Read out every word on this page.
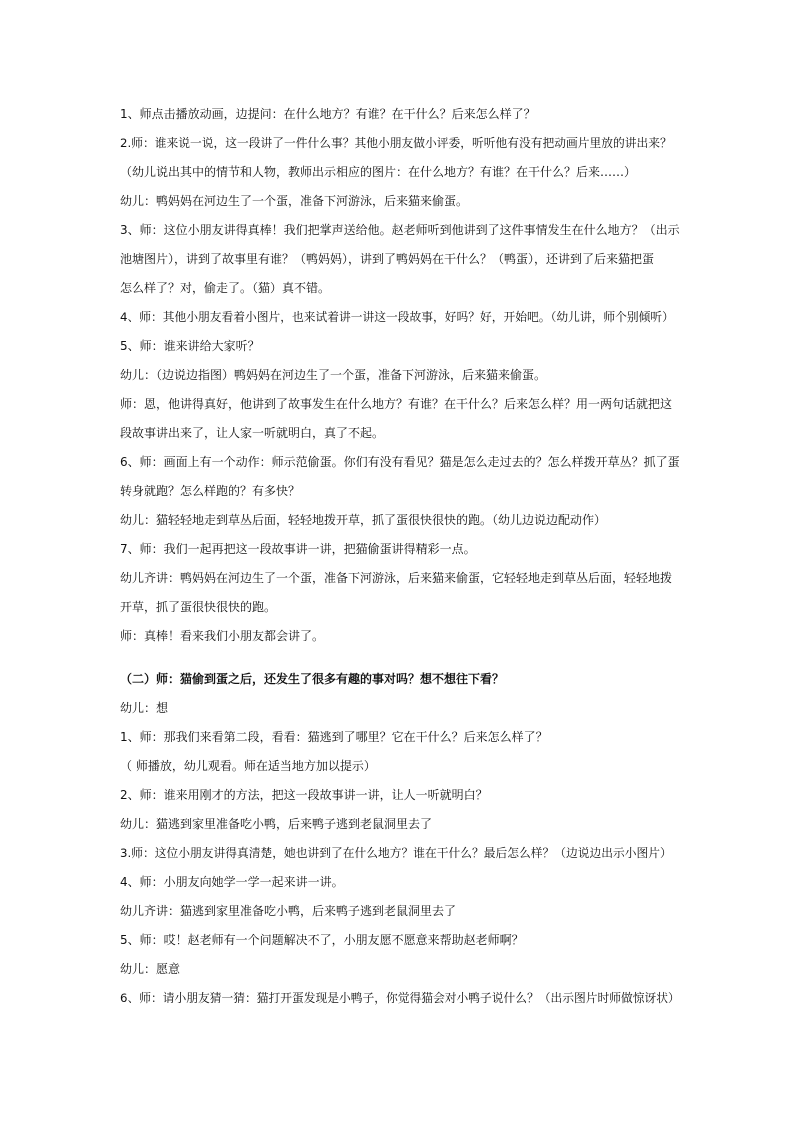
1、师点击播放动画，边提问：在什么地方？有谁？在干什么？后来怎么样了？
2.师：谁来说一说，这一段讲了一件什么事？其他小朋友做小评委，听听他有没有把动画片里放的讲出来？
（幼儿说出其中的情节和人物，教师出示相应的图片：在什么地方？有谁？在干什么？后来……）
幼儿：鸭妈妈在河边生了一个蛋，准备下河游泳，后来猫来偷蛋。
3、师：这位小朋友讲得真棒！我们把掌声送给他。赵老师听到他讲到了这件事情发生在什么地方？（出示
池塘图片），讲到了故事里有谁？（鸭妈妈），讲到了鸭妈妈在干什么？（鸭蛋），还讲到了后来猫把蛋
怎么样了？对，偷走了。（猫）真不错。
4、师：其他小朋友看着小图片，也来试着讲一讲这一段故事，好吗？好，开始吧。（幼儿讲，师个别倾听）
5、师：谁来讲给大家听？
幼儿：（边说边指图）鸭妈妈在河边生了一个蛋，准备下河游泳，后来猫来偷蛋。
师：恩，他讲得真好，他讲到了故事发生在什么地方？有谁？在干什么？后来怎么样？用一两句话就把这
段故事讲出来了，让人家一听就明白，真了不起。
6、师：画面上有一个动作：师示范偷蛋。你们有没有看见？猫是怎么走过去的？怎么样拨开草丛？抓了蛋
转身就跑？怎么样跑的？有多快？
幼儿：猫轻轻地走到草丛后面，轻轻地拨开草，抓了蛋很快很快的跑。（幼儿边说边配动作）
7、师：我们一起再把这一段故事讲一讲，把猫偷蛋讲得精彩一点。
幼儿齐讲：鸭妈妈在河边生了一个蛋，准备下河游泳，后来猫来偷蛋，它轻轻地走到草丛后面，轻轻地拨
开草，抓了蛋很快很快的跑。
师：真棒！看来我们小朋友都会讲了。
（二）师：猫偷到蛋之后，还发生了很多有趣的事对吗？想不想往下看？
幼儿：想
1、师：那我们来看第二段，看看：猫逃到了哪里？它在干什么？后来怎么样了？
（ 师播放，幼儿观看。师在适当地方加以提示）
2、师：谁来用刚才的方法，把这一段故事讲一讲，让人一听就明白？
幼儿：猫逃到家里准备吃小鸭，后来鸭子逃到老鼠洞里去了
3.师：这位小朋友讲得真清楚，她也讲到了在什么地方？谁在干什么？最后怎么样？（边说边出示小图片）
4、师：小朋友向她学一学一起来讲一讲。
幼儿齐讲：猫逃到家里准备吃小鸭，后来鸭子逃到老鼠洞里去了
5、师：哎！赵老师有一个问题解决不了，小朋友愿不愿意来帮助赵老师啊？
幼儿：愿意
6、师：请小朋友猜一猜：猫打开蛋发现是小鸭子，你觉得猫会对小鸭子说什么？（出示图片时师做惊讶状）
